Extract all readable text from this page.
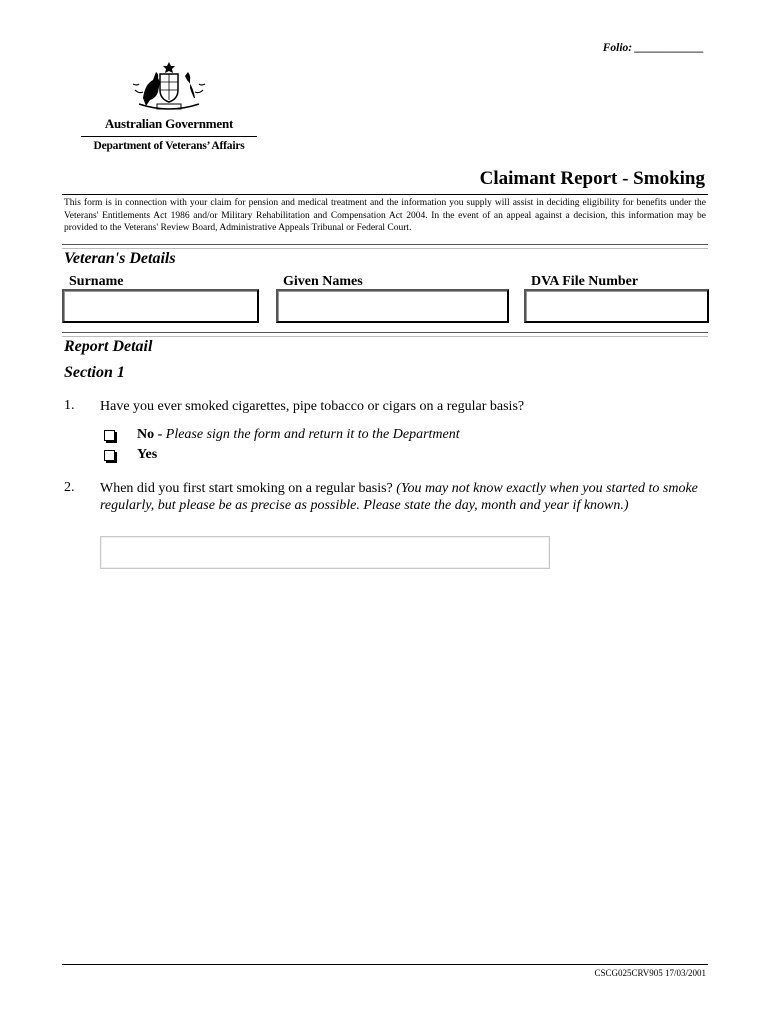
Folio: ____________
Australian Government
Department of Veterans’ Affairs
Claimant Report - Smoking
This form is in connection with your claim for pension and medical treatment and the information you supply will assist in deciding eligibility for benefits under the Veterans' Entitlements Act 1986 and/or Military Rehabilitation and Compensation Act 2004. In the event of an appeal against a decision, this information may be provided to the Veterans' Review Board, Administrative Appeals Tribunal or Federal Court.
Veteran's Details
Surname	Given Names	DVA File Number
Report Detail
Section 1
1. Have you ever smoked cigarettes, pipe tobacco or cigars on a regular basis?
No -
Please sign the form and return it to the Department
Yes
2. When did you first start smoking on a regular basis? (You may not know exactly when you started to smoke regularly, but please be as precise as possible. Please state the day, month and year if known.)
CSCG025CRV905 17/03/2001
